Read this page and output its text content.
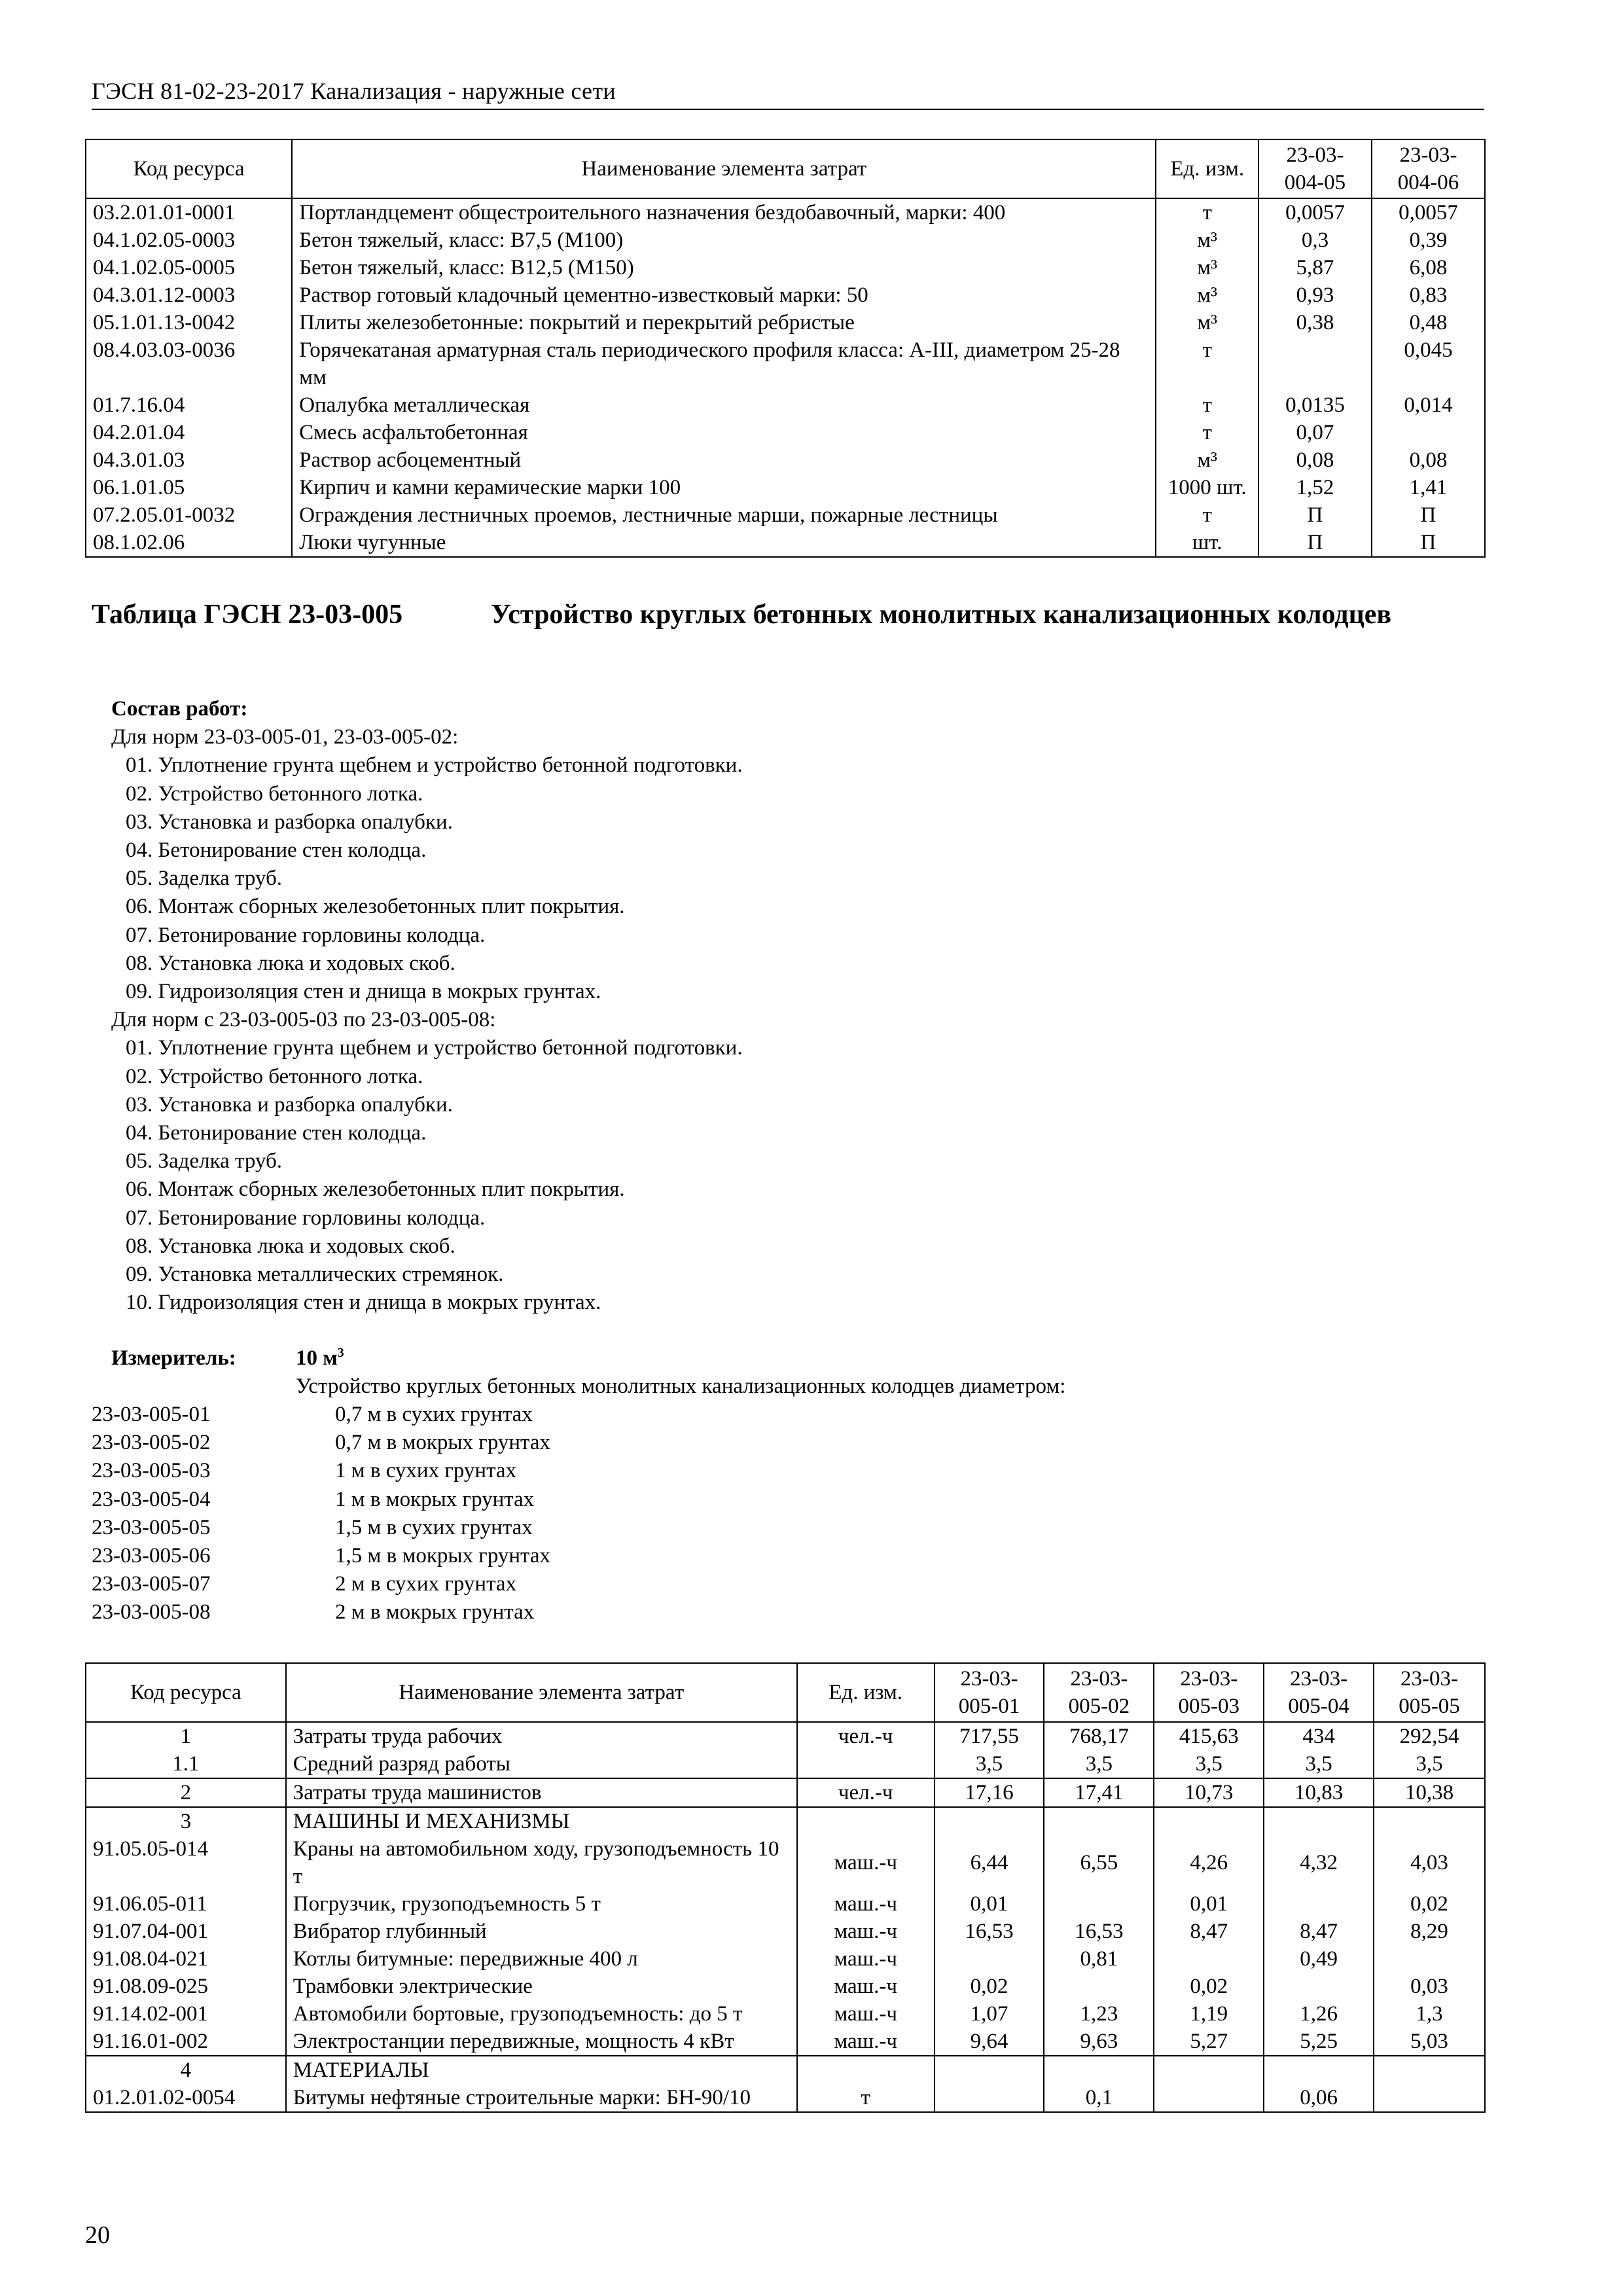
ГЭСН 81-02-23-2017 Канализация - наружные сети
Код ресурса	Наименование элемента затрат	Ед. изм.	23-03-
004-05	23-03-
004-06
03.2.01.01-0001	Портландцемент общестроительного назначения бездобавочный, марки: 400	т	0,0057	0,0057
04.1.02.05-0003	Бетон тяжелый, класс: В7,5 (М100)	м³	0,3	0,39
04.1.02.05-0005	Бетон тяжелый, класс: В12,5 (М150)	м³	5,87	6,08
04.3.01.12-0003	Раствор готовый кладочный цементно-известковый марки: 50	м³	0,93	0,83
05.1.01.13-0042	Плиты железобетонные: покрытий и перекрытий ребристые	м³	0,38	0,48
08.4.03.03-0036	Горячекатаная арматурная сталь периодического профиля класса: А-III, диаметром 25-28 мм	т		0,045
01.7.16.04	Опалубка металлическая	т	0,0135	0,014
04.2.01.04	Смесь асфальтобетонная	т	0,07	
04.3.01.03	Раствор асбоцементный	м³	0,08	0,08
06.1.01.05	Кирпич и камни керамические марки 100	1000 шт.	1,52	1,41
07.2.05.01-0032	Ограждения лестничных проемов, лестничные марши, пожарные лестницы	т	П	П
08.1.02.06	Люки чугунные	шт.	П	П
Таблица ГЭСН 23-03-005	Устройство круглых бетонных монолитных канализационных колодцев
Состав работ:
Для норм 23-03-005-01, 23-03-005-02:
01. Уплотнение грунта щебнем и устройство бетонной подготовки.
02. Устройство бетонного лотка.
03. Установка и разборка опалубки.
04. Бетонирование стен колодца.
05. Заделка труб.
06. Монтаж сборных железобетонных плит покрытия.
07. Бетонирование горловины колодца.
08. Установка люка и ходовых скоб.
09. Гидроизоляция стен и днища в мокрых грунтах.
Для норм с 23-03-005-03 по 23-03-005-08:
01. Уплотнение грунта щебнем и устройство бетонной подготовки.
02. Устройство бетонного лотка.
03. Установка и разборка опалубки.
04. Бетонирование стен колодца.
05. Заделка труб.
06. Монтаж сборных железобетонных плит покрытия.
07. Бетонирование горловины колодца.
08. Установка люка и ходовых скоб.
09. Установка металлических стремянок.
10. Гидроизоляция стен и днища в мокрых грунтах.
Измеритель:	10 $м^3$
Устройство круглых бетонных монолитных канализационных колодцев диаметром:
23-03-005-01	0,7 м в сухих грунтах
23-03-005-02	0,7 м в мокрых грунтах
23-03-005-03	1 м в сухих грунтах
23-03-005-04	1 м в мокрых грунтах
23-03-005-05	1,5 м в сухих грунтах
23-03-005-06	1,5 м в мокрых грунтах
23-03-005-07	2 м в сухих грунтах
23-03-005-08	2 м в мокрых грунтах
Код ресурса	Наименование элемента затрат	Ед. изм.	23-03-
005-01	23-03-
005-02	23-03-
005-03	23-03-
005-04	23-03-
005-05
1	Затраты труда рабочих	чел.-ч	717,55	768,17	415,63	434	292,54
1.1	Средний разряд работы		3,5	3,5	3,5	3,5	3,5
2	Затраты труда машинистов	чел.-ч	17,16	17,41	10,73	10,83	10,38
3	МАШИНЫ И МЕХАНИЗМЫ						
91.05.05-014	Краны на автомобильном ходу, грузоподъемность 10 т	маш.-ч	6,44	6,55	4,26	4,32	4,03
91.06.05-011	Погрузчик, грузоподъемность 5 т	маш.-ч	0,01		0,01		0,02
91.07.04-001	Вибратор глубинный	маш.-ч	16,53	16,53	8,47	8,47	8,29
91.08.04-021	Котлы битумные: передвижные 400 л	маш.-ч		0,81		0,49	
91.08.09-025	Трамбовки электрические	маш.-ч	0,02		0,02		0,03
91.14.02-001	Автомобили бортовые, грузоподъемность: до 5 т	маш.-ч	1,07	1,23	1,19	1,26	1,3
91.16.01-002	Электростанции передвижные, мощность 4 кВт	маш.-ч	9,64	9,63	5,27	5,25	5,03
4	МАТЕРИАЛЫ						
01.2.01.02-0054	Битумы нефтяные строительные марки: БН-90/10	т		0,1		0,06	
20
